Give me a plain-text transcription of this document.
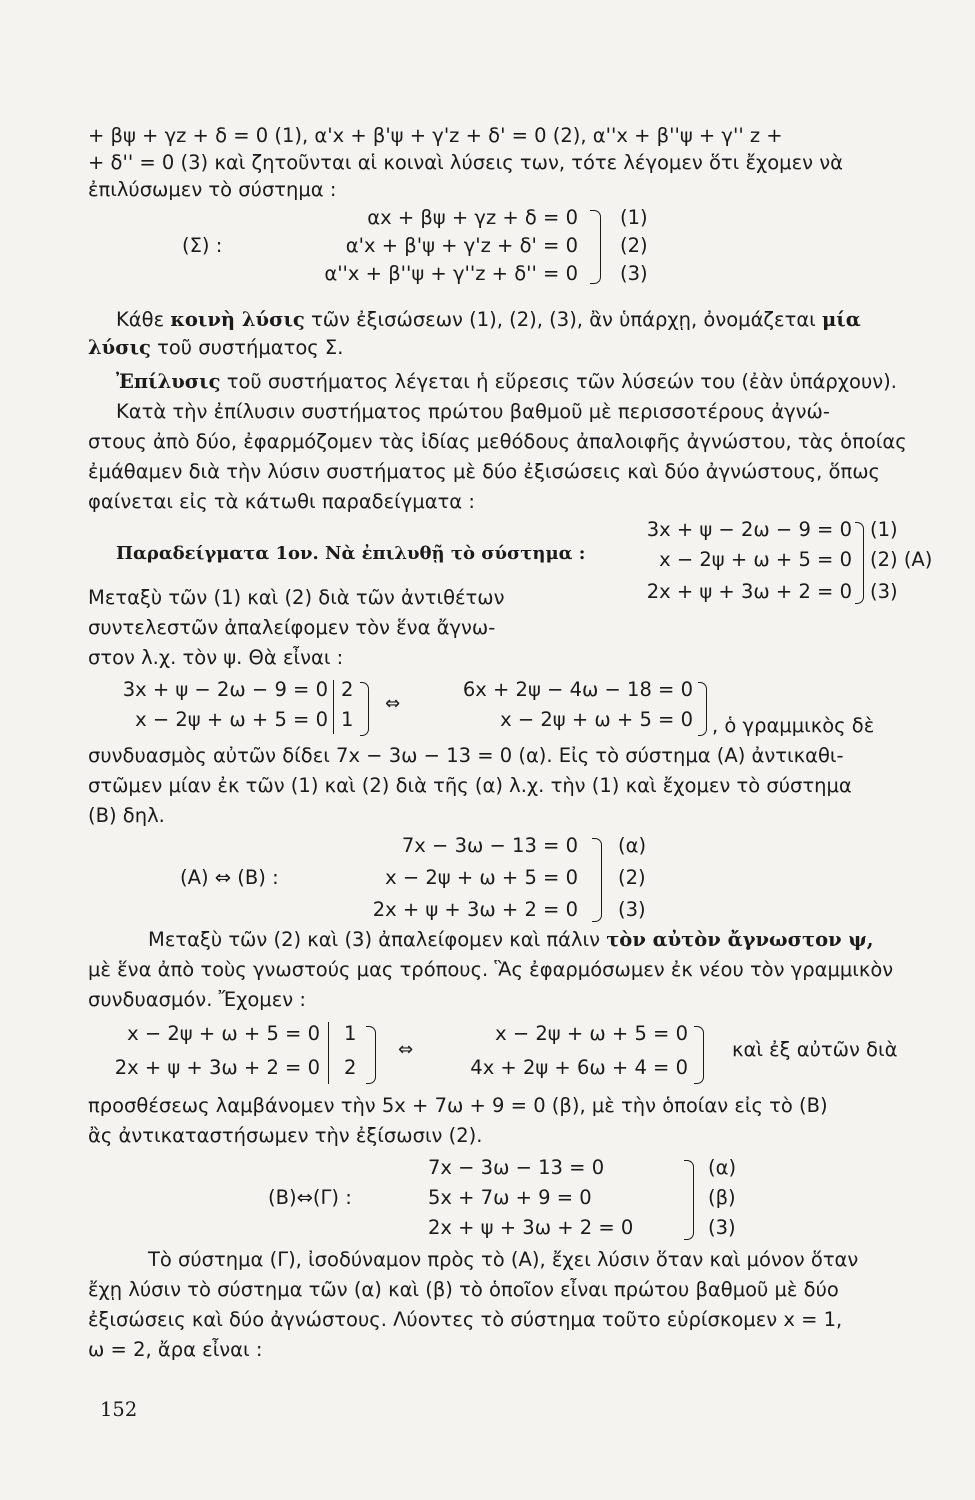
+ βψ + γz + δ = 0 (1), α'x + β'ψ + γ'z + δ' = 0 (2), α''x + β''ψ + γ'' z +
+ δ'' = 0 (3) καὶ ζητοῦνται αἱ κοιναὶ λύσεις των, τότε λέγομεν ὅτι ἔχομεν νὰ
ἐπιλύσωμεν τὸ σύστημα :
(Σ) :
αx + βψ + γz + δ = 0
α'x + β'ψ + γ'z + δ' = 0
α''x + β''ψ + γ''z + δ'' = 0
(1)
(2)
(3)
Κάθε κοινὴ λύσις τῶν ἐξισώσεων (1), (2), (3), ἂν ὑπάρχῃ, ὀνομάζεται μία
λύσις τοῦ συστήματος Σ.
Ἐπίλυσις τοῦ συστήματος λέγεται ἡ εὕρεσις τῶν λύσεών του (ἐὰν ὑπάρχουν).
Κατὰ τὴν ἐπίλυσιν συστήματος πρώτου βαθμοῦ μὲ περισσοτέρους ἀγνώ-
στους ἀπὸ δύο, ἐφαρμόζομεν τὰς ἰδίας μεθόδους ἀπαλοιφῆς ἀγνώστου, τὰς ὁποίας
ἐμάθαμεν διὰ τὴν λύσιν συστήματος μὲ δύο ἐξισώσεις καὶ δύο ἀγνώστους, ὅπως
φαίνεται εἰς τὰ κάτωθι παραδείγματα :
Παραδείγματα 1ον. Νὰ ἐπιλυθῇ τὸ σύστημα :
3x + ψ − 2ω − 9 = 0
x − 2ψ + ω + 5 = 0
2x + ψ + 3ω + 2 = 0
(1)
(2) (A)
(3)
Μεταξὺ τῶν (1) καὶ (2) διὰ τῶν ἀντιθέτων
συντελεστῶν ἀπαλείφομεν τὸν ἕνα ἄγνω-
στον λ.χ. τὸν ψ. Θὰ εἶναι :
3x + ψ − 2ω − 9 = 0
x − 2ψ + ω + 5 = 0
2
1
⇔
6x + 2ψ − 4ω − 18 = 0
x − 2ψ + ω + 5 = 0 , ὁ γραμμικὸς δὲ
συνδυασμὸς αὐτῶν δίδει 7x − 3ω − 13 = 0 (α). Εἰς τὸ σύστημα (A) ἀντικαθι-
στῶμεν μίαν ἐκ τῶν (1) καὶ (2) διὰ τῆς (α) λ.χ. τὴν (1) καὶ ἔχομεν τὸ σύστημα
(B) δηλ.
(A) ⇔ (B) :
7x − 3ω − 13 = 0
x − 2ψ + ω + 5 = 0
2x + ψ + 3ω + 2 = 0
(α)
(2)
(3)
Μεταξὺ τῶν (2) καὶ (3) ἀπαλείφομεν καὶ πάλιν τὸν αὐτὸν ἄγνωστον ψ,
μὲ ἕνα ἀπὸ τοὺς γνωστούς μας τρόπους. Ἃς ἐφαρμόσωμεν ἐκ νέου τὸν γραμμικὸν
συνδυασμόν. Ἔχομεν :
x − 2ψ + ω + 5 = 0
2x + ψ + 3ω + 2 = 0
1
2
⇔
x − 2ψ + ω + 5 = 0
4x + 2ψ + 6ω + 4 = 0
καὶ ἐξ αὐτῶν διὰ
προσθέσεως λαμβάνομεν τὴν 5x + 7ω + 9 = 0 (β), μὲ τὴν ὁποίαν εἰς τὸ (B)
ἂς ἀντικαταστήσωμεν τὴν ἐξίσωσιν (2).
(B)⇔(Γ) :
7x − 3ω − 13 = 0
5x + 7ω + 9 = 0
2x + ψ + 3ω + 2 = 0
(α)
(β)
(3)
Τὸ σύστημα (Γ), ἰσοδύναμον πρὸς τὸ (A), ἔχει λύσιν ὅταν καὶ μόνον ὅταν
ἔχῃ λύσιν τὸ σύστημα τῶν (α) καὶ (β) τὸ ὁποῖον εἶναι πρώτου βαθμοῦ μὲ δύο
ἐξισώσεις καὶ δύο ἀγνώστους. Λύοντες τὸ σύστημα τοῦτο εὑρίσκομεν x = 1,
ω = 2, ἄρα εἶναι :
152
